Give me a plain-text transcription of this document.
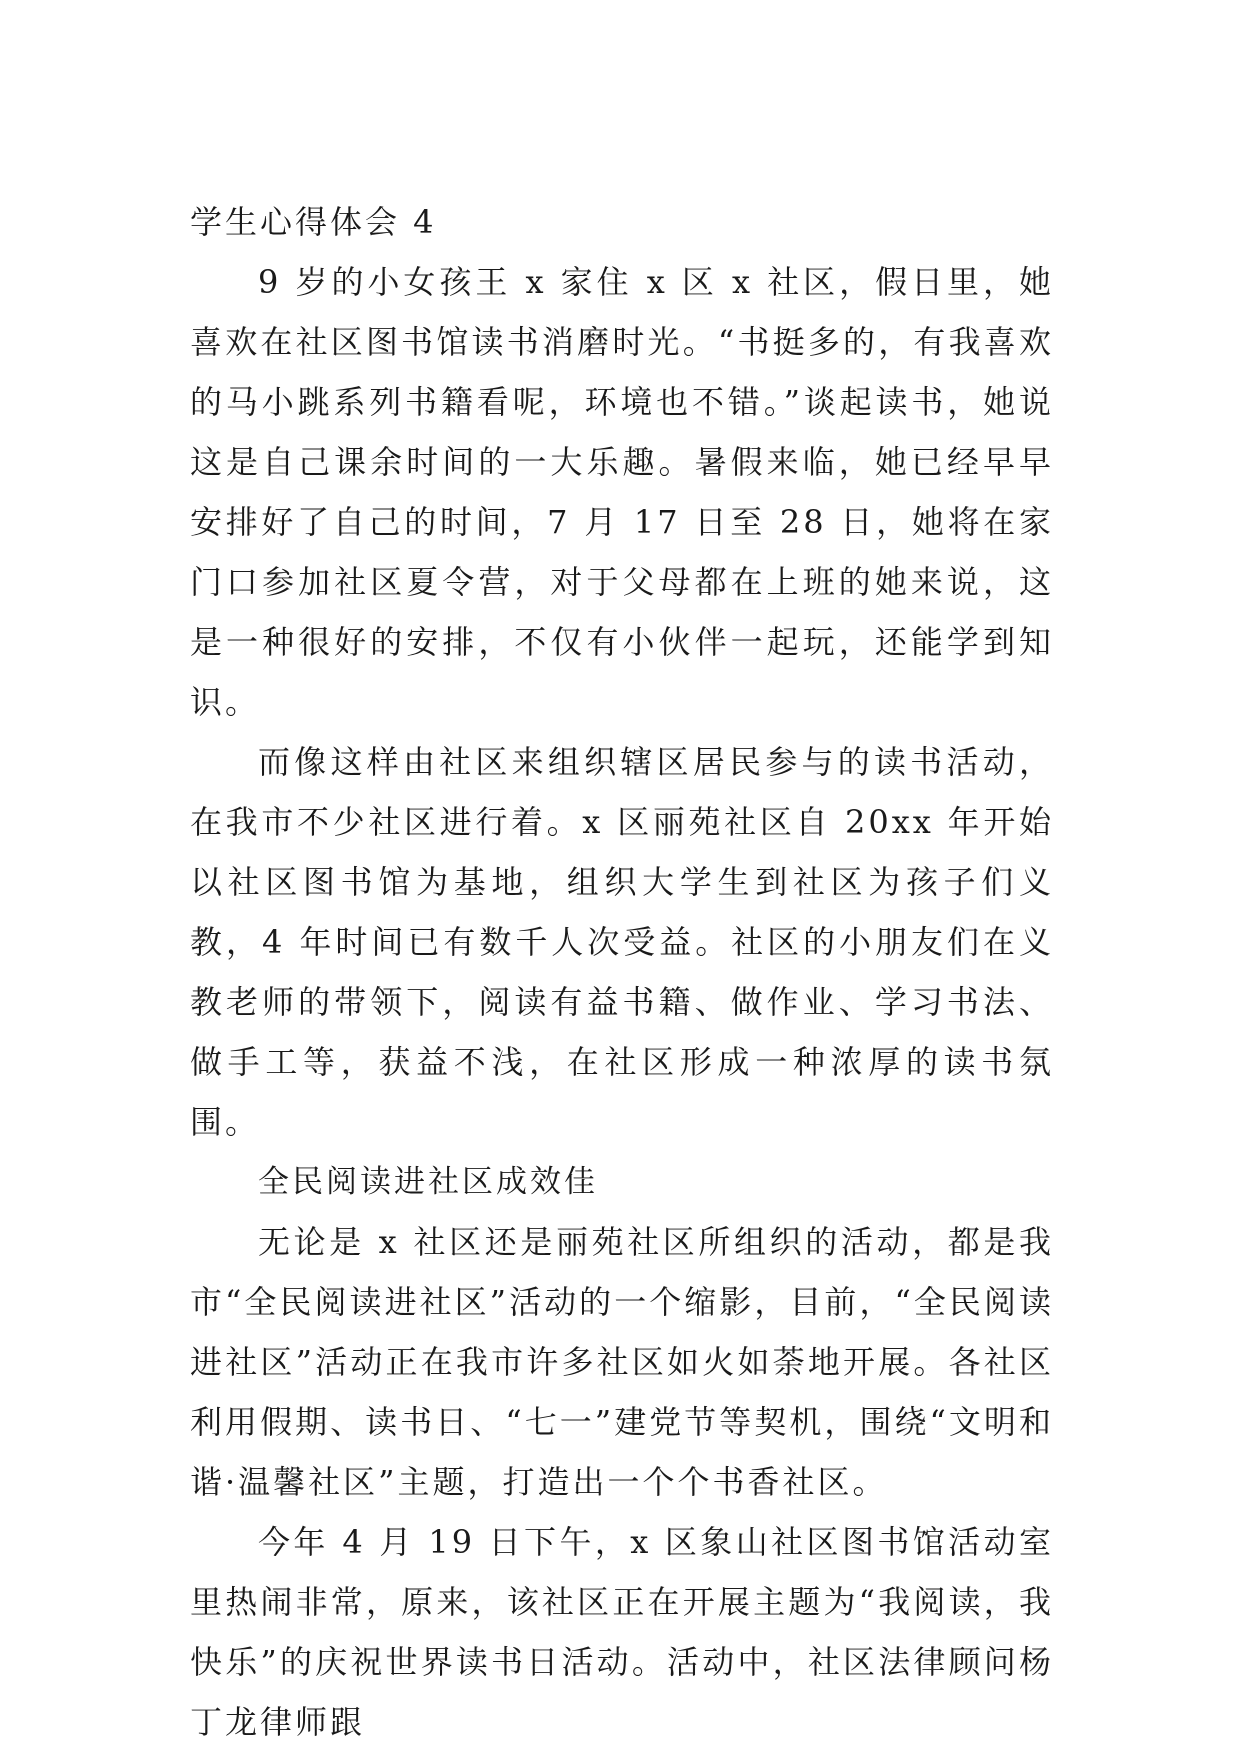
学生心得体会 4

9 岁的小女孩王 x 家住 x 区 x 社区，假日里，她喜欢在社区图书馆读书消磨时光。“书挺多的，有我喜欢的马小跳系列书籍看呢，环境也不错。”谈起读书，她说这是自己课余时间的一大乐趣。暑假来临，她已经早早安排好了自己的时间，7 月 17 日至 28 日，她将在家门口参加社区夏令营，对于父母都在上班的她来说，这是一种很好的安排，不仅有小伙伴一起玩，还能学到知识。

而像这样由社区来组织辖区居民参与的读书活动，在我市不少社区进行着。x 区丽苑社区自 20xx 年开始以社区图书馆为基地，组织大学生到社区为孩子们义教，4 年时间已有数千人次受益。社区的小朋友们在义教老师的带领下，阅读有益书籍、做作业、学习书法、做手工等，获益不浅，在社区形成一种浓厚的读书氛围。

全民阅读进社区成效佳

无论是 x 社区还是丽苑社区所组织的活动，都是我市“全民阅读进社区”活动的一个缩影，目前，“全民阅读进社区”活动正在我市许多社区如火如荼地开展。各社区利用假期、读书日、“七一”建党节等契机，围绕“文明和谐·温馨社区”主题，打造出一个个书香社区。

今年 4 月 19 日下午，x 区象山社区图书馆活动室里热闹非常，原来，该社区正在开展主题为“我阅读，我快乐”的庆祝世界读书日活动。活动中，社区法律顾问杨丁龙律师跟
